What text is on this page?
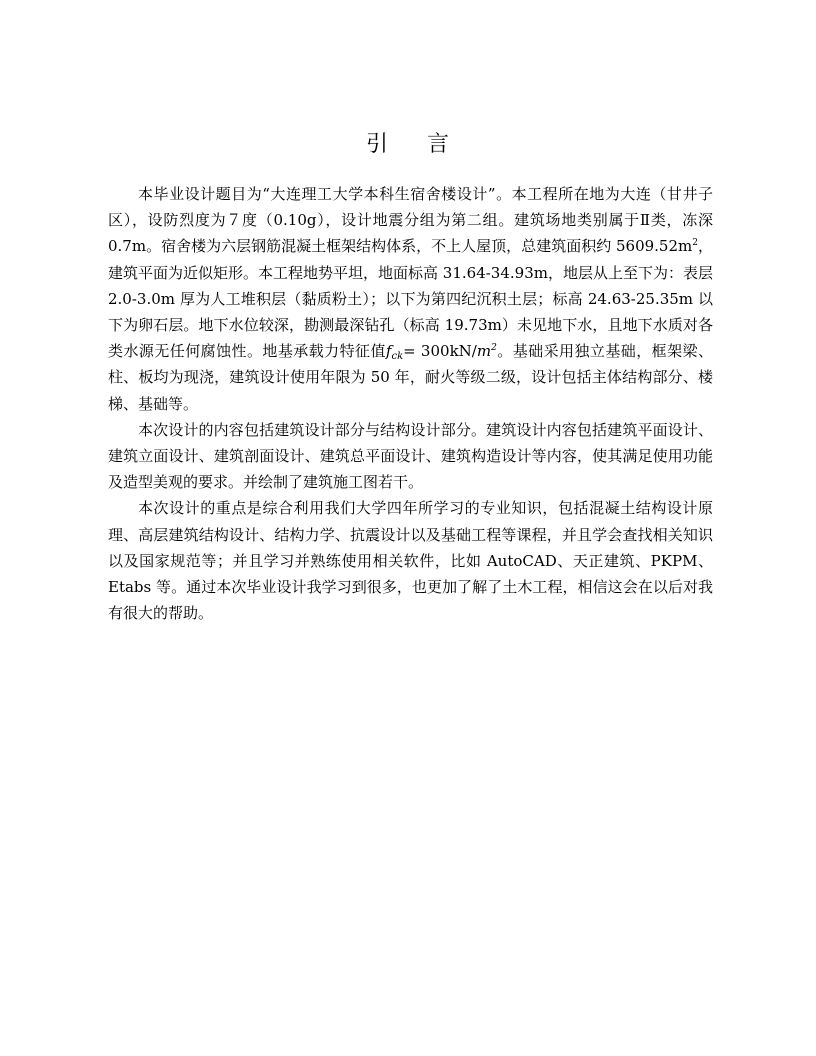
引 言

本毕业设计题目为“大连理工大学本科生宿舍楼设计”。本工程所在地为大连（甘井子区），设防烈度为７度（0.10g），设计地震分组为第二组。建筑场地类别属于Ⅱ类，冻深 0.7m。宿舍楼为六层钢筋混凝土框架结构体系，不上人屋顶，总建筑面积约 $5609.52m^2$，建筑平面为近似矩形。本工程地势平坦，地面标高 31.64-34.93m，地层从上至下为：表层 2.0-3.0m 厚为人工堆积层（黏质粉土）；以下为第四纪沉积土层；标高 24.63-25.35m 以下为卵石层。地下水位较深，勘测最深钻孔（标高 19.73m）未见地下水，且地下水质对各类水源无任何腐蚀性。地基承载力特征值$f_{ck}= 300kN/m^2$。基础采用独立基础，框架梁、柱、板均为现浇，建筑设计使用年限为 50 年，耐火等级二级，设计包括主体结构部分、楼梯、基础等。

本次设计的内容包括建筑设计部分与结构设计部分。建筑设计内容包括建筑平面设计、建筑立面设计、建筑剖面设计、建筑总平面设计、建筑构造设计等内容，使其满足使用功能及造型美观的要求。并绘制了建筑施工图若干。

本次设计的重点是综合利用我们大学四年所学习的专业知识，包括混凝土结构设计原理、高层建筑结构设计、结构力学、抗震设计以及基础工程等课程，并且学会查找相关知识以及国家规范等；并且学习并熟练使用相关软件，比如 AutoCAD、天正建筑、PKPM、Etabs 等。通过本次毕业设计我学习到很多，也更加了解了土木工程，相信这会在以后对我有很大的帮助。
